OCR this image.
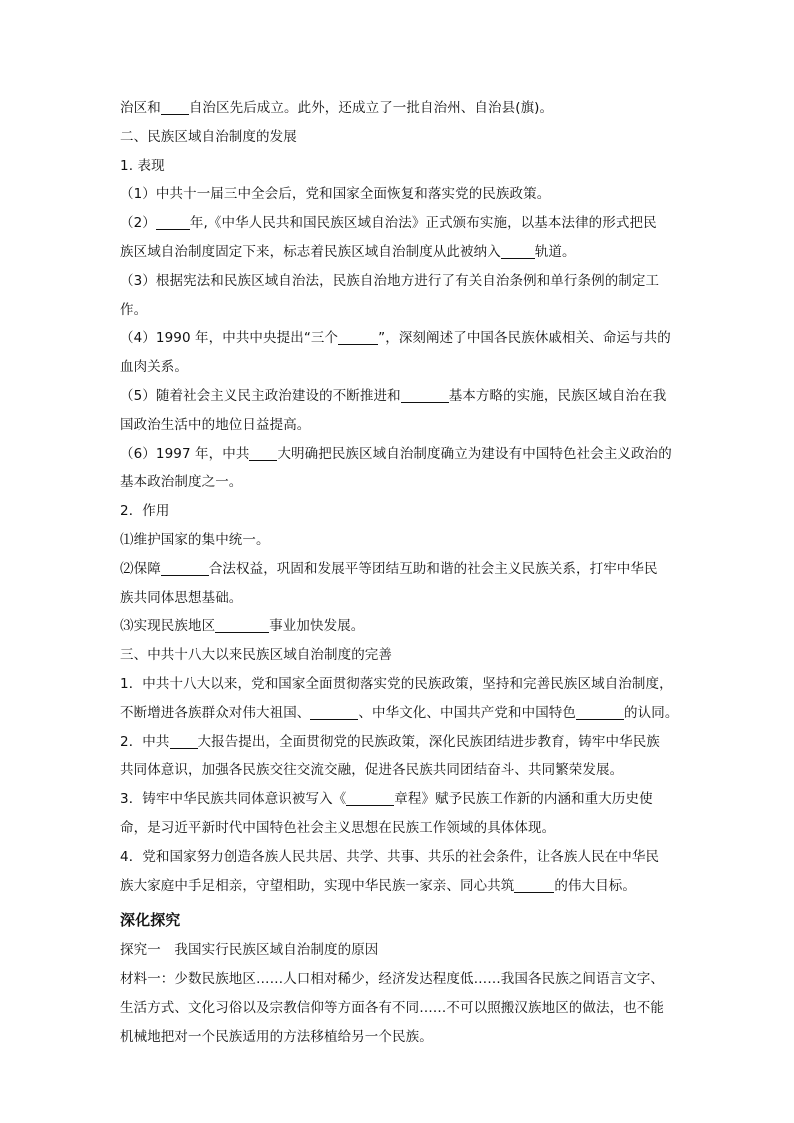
治区和 自治区先后成立。此外，还成立了一批自治州、自治县(旗)。
二、民族区域自治制度的发展
1. 表现
（1）中共十一届三中全会后，党和国家全面恢复和落实党的民族政策。
（2）	年,《中华人民共和国民族区域自治法》正式颁布实施，以基本法律的形式把民
族区域自治制度固定下来，标志着民族区域自治制度从此被纳入	轨道。
（3）根据宪法和民族区域自治法，民族自治地方进行了有关自治条例和单行条例的制定工
作。
（4）1990 年，中共中央提出“三个	”，深刻阐述了中国各民族休戚相关、命运与共的
血肉关系。
（5）随着社会主义民主政治建设的不断推进和	基本方略的实施，民族区域自治在我
国政治生活中的地位日益提高。
（6）1997 年，中共 大明确把民族区域自治制度确立为建设有中国特色社会主义政治的
基本政治制度之一。
2．作用
⑴维护国家的集中统一。
⑵保障	合法权益，巩固和发展平等团结互助和谐的社会主义民族关系，打牢中华民
族共同体思想基础。
⑶实现民族地区	事业加快发展。
三、中共十八大以来民族区域自治制度的完善
1．中共十八大以来，党和国家全面贯彻落实党的民族政策，坚持和完善民族区域自治制度，
不断增进各族群众对伟大祖国、	、中华文化、中国共产党和中国特色	的认同。
2．中共 大报告提出，全面贯彻党的民族政策，深化民族团结进步教育，铸牢中华民族
共同体意识，加强各民族交往交流交融，促进各民族共同团结奋斗、共同繁荣发展。
3．铸牢中华民族共同体意识被写入《	章程》赋予民族工作新的内涵和重大历史使
命，是习近平新时代中国特色社会主义思想在民族工作领域的具体体现。
4．党和国家努力创造各族人民共居、共学、共事、共乐的社会条件，让各族人民在中华民
族大家庭中手足相亲，守望相助，实现中华民族一家亲、同心共筑	的伟大目标。
深化探究
探究一　我国实行民族区域自治制度的原因
材料一：少数民族地区……人口相对稀少，经济发达程度低……我国各民族之间语言文字、
生活方式、文化习俗以及宗教信仰等方面各有不同……不可以照搬汉族地区的做法，也不能
机械地把对一个民族适用的方法移植给另一个民族。
